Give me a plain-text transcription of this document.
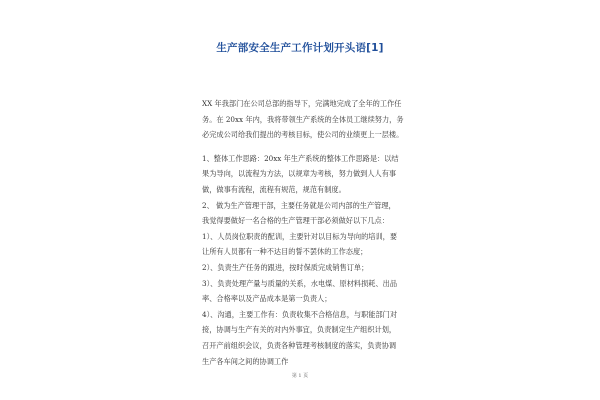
生产部安全生产工作计划开头语[1]
XX 年我部门在公司总部的指导下，完满地完成了全年的工作任
务。在 20xx 年内，我将带领生产系统的全体员工继续努力，务
必完成公司给我们提出的考核目标，使公司的业绩更上一层楼。
1、整体工作思路：20xx 年生产系统的整体工作思路是：以结
果为导向，以流程为方法，以规章为考核，努力做到人人有事
做，做事有流程，流程有规范，规范有制度。
2、 做为生产管理干部，主要任务就是公司内部的生产管理，
我觉得要做好一名合格的生产管理干部必须做好以下几点：
1）、人员岗位职责的配训，主要针对以目标为导向的培训，要
让所有人员都有一种不达目的誓不罢休的工作态度；
2）、负责生产任务的跟进，按时保质完成销售订单；
3）、负责处理产量与质量的关系，水电煤、原材料损耗、出品
率、合格率以及产品成本是第一负责人；
4）、沟通，主要工作有：负责收集不合格信息，与职能部门对
接，协调与生产有关的对内外事宜，负责制定生产组织计划，
召开产前组织会议，负责各种管理考核制度的落实，负责协调
生产各车间之间的协调工作
第 1 页
